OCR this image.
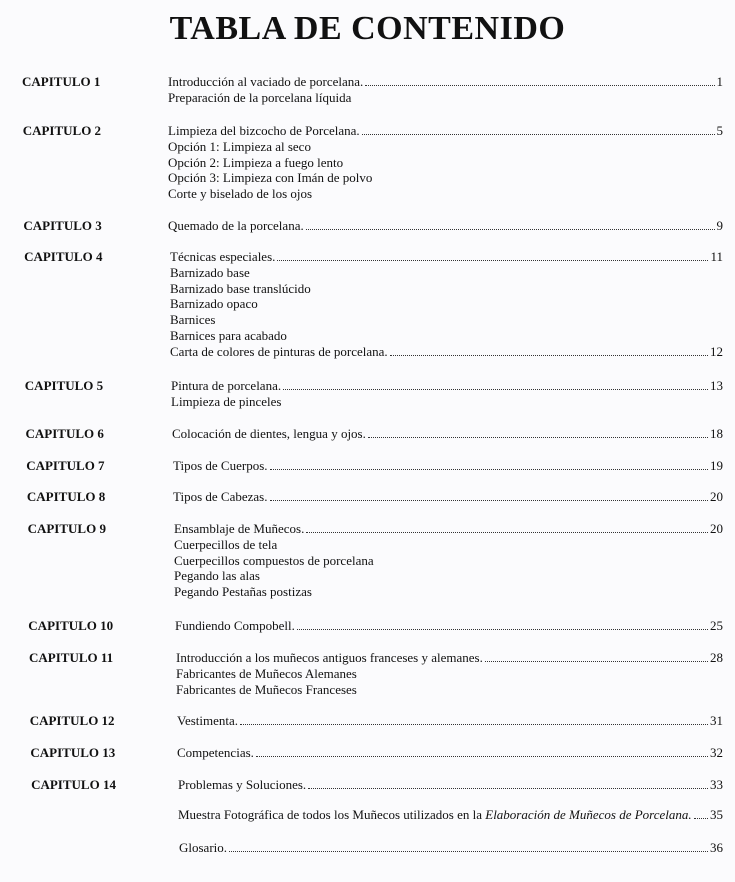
TABLA DE CONTENIDO
CAPITULO 1	Introducción al vaciado de porcelana.	1
Preparación de la porcelana líquida
CAPITULO 2	Limpieza del bizcocho de Porcelana.	5
Opción 1: Limpieza al seco
Opción 2: Limpieza a fuego lento
Opción 3: Limpieza con Imán de polvo
Corte y biselado de los ojos
CAPITULO 3	Quemado de la porcelana.	9
CAPITULO 4	Técnicas especiales.	11
Barnizado base
Barnizado base translúcido
Barnizado opaco
Barnices
Barnices para acabado
Carta de colores de pinturas de porcelana.	12
CAPITULO 5	Pintura de porcelana.	13
Limpieza de pinceles
CAPITULO 6	Colocación de dientes, lengua y ojos.	18
CAPITULO 7	Tipos de Cuerpos.	19
CAPITULO 8	Tipos de Cabezas.	20
CAPITULO 9	Ensamblaje de Muñecos.	20
Cuerpecillos de tela
Cuerpecillos compuestos de porcelana
Pegando las alas
Pegando Pestañas postizas
CAPITULO 10	Fundiendo Compobell.	25
CAPITULO 11	Introducción a los muñecos antiguos franceses y alemanes.	28
Fabricantes de Muñecos Alemanes
Fabricantes de Muñecos Franceses
CAPITULO 12	Vestimenta.	31
CAPITULO 13	Competencias.	32
CAPITULO 14	Problemas y Soluciones.	33
Muestra Fotográfica de todos los Muñecos utilizados en la Elaboración de Muñecos de Porcelana. 35
Glosario.	36
